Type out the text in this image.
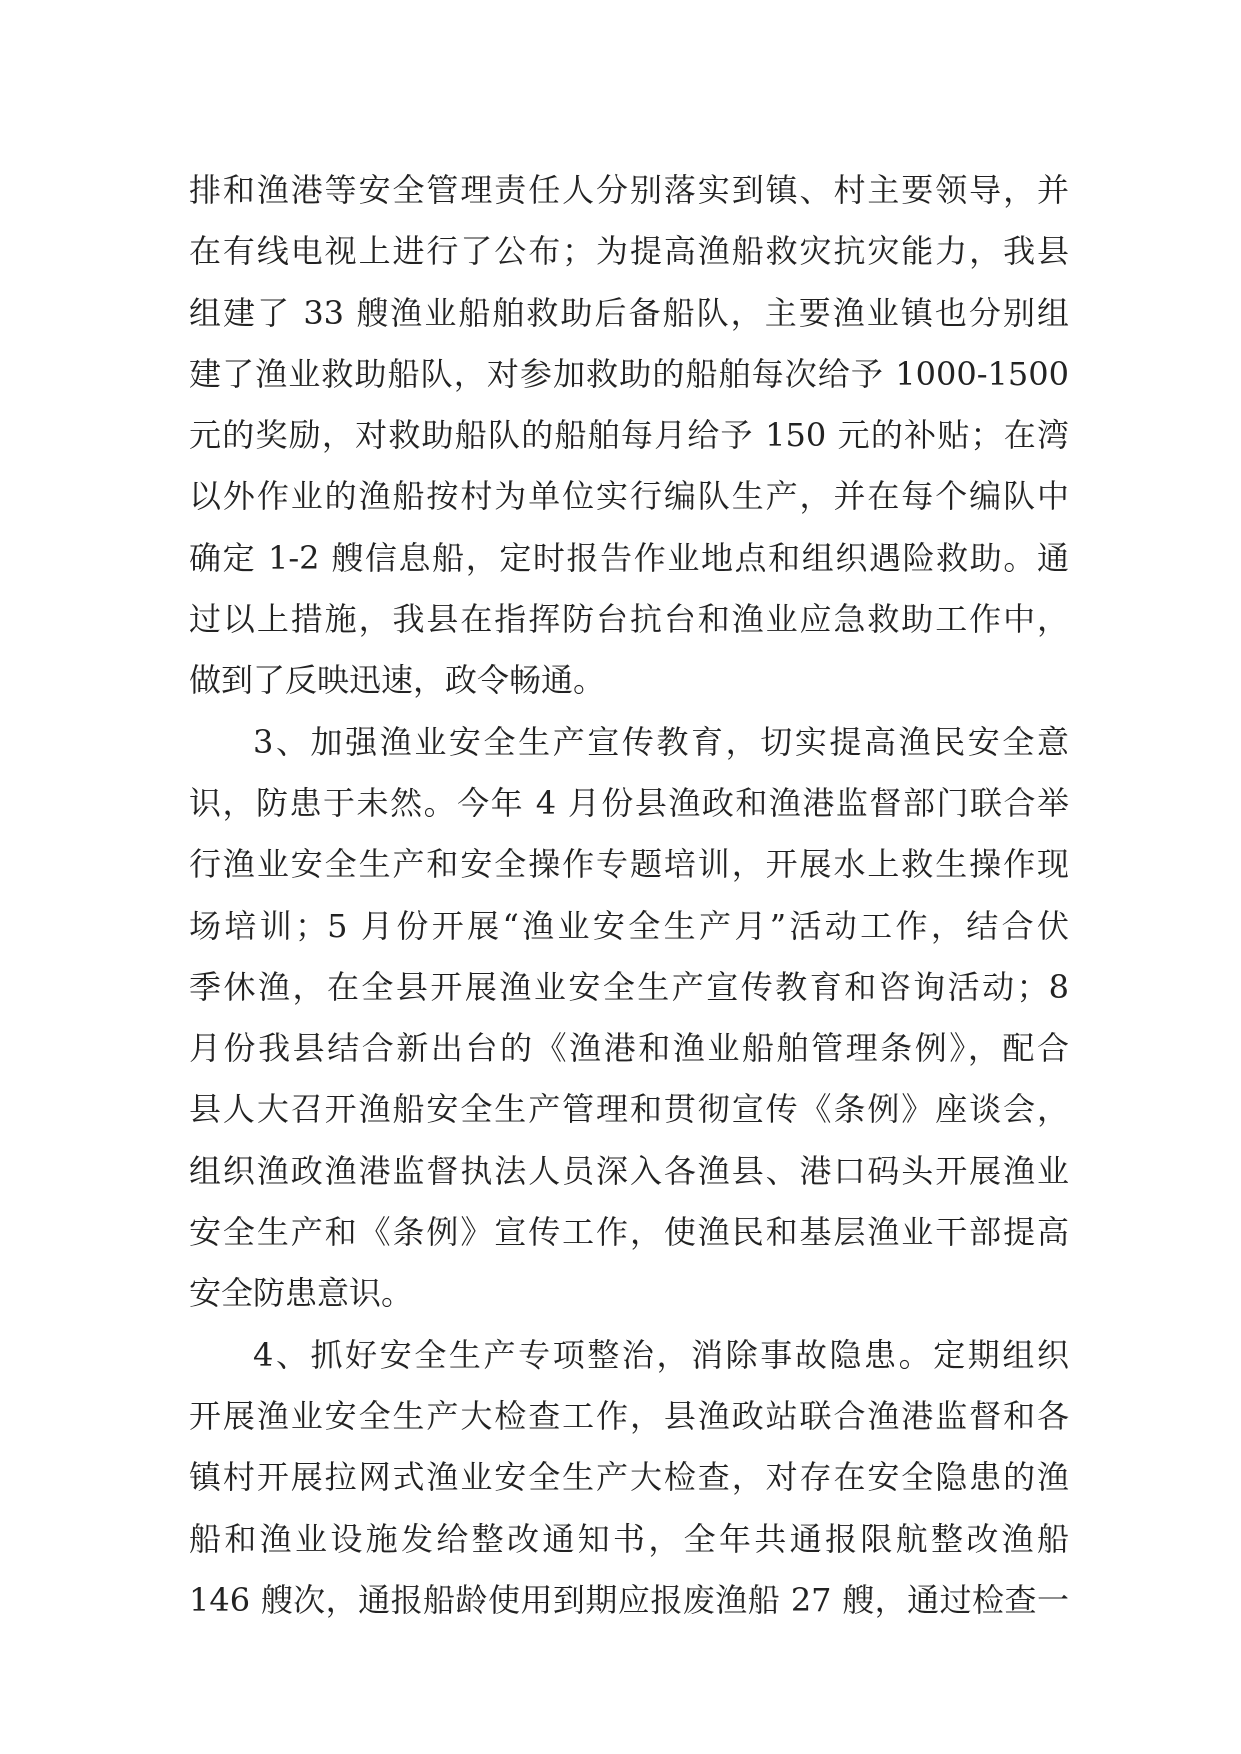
排和渔港等安全管理责任人分别落实到镇、村主要领导，并
在有线电视上进行了公布；为提高渔船救灾抗灾能力，我县
组建了 33 艘渔业船舶救助后备船队，主要渔业镇也分别组
建了渔业救助船队，对参加救助的船舶每次给予 1000-1500
元的奖励，对救助船队的船舶每月给予 150 元的补贴；在湾
以外作业的渔船按村为单位实行编队生产，并在每个编队中
确定 1-2 艘信息船，定时报告作业地点和组织遇险救助。通
过以上措施，我县在指挥防台抗台和渔业应急救助工作中，
做到了反映迅速，政令畅通。
3、加强渔业安全生产宣传教育，切实提高渔民安全意
识，防患于未然。今年 4 月份县渔政和渔港监督部门联合举
行渔业安全生产和安全操作专题培训，开展水上救生操作现
场培训；5 月份开展“渔业安全生产月”活动工作，结合伏
季休渔，在全县开展渔业安全生产宣传教育和咨询活动；8
月份我县结合新出台的《渔港和渔业船舶管理条例》，配合
县人大召开渔船安全生产管理和贯彻宣传《条例》座谈会，
组织渔政渔港监督执法人员深入各渔县、港口码头开展渔业
安全生产和《条例》宣传工作，使渔民和基层渔业干部提高
安全防患意识。
4、抓好安全生产专项整治，消除事故隐患。定期组织
开展渔业安全生产大检查工作，县渔政站联合渔港监督和各
镇村开展拉网式渔业安全生产大检查，对存在安全隐患的渔
船和渔业设施发给整改通知书，全年共通报限航整改渔船
146 艘次，通报船龄使用到期应报废渔船 27 艘，通过检查一
